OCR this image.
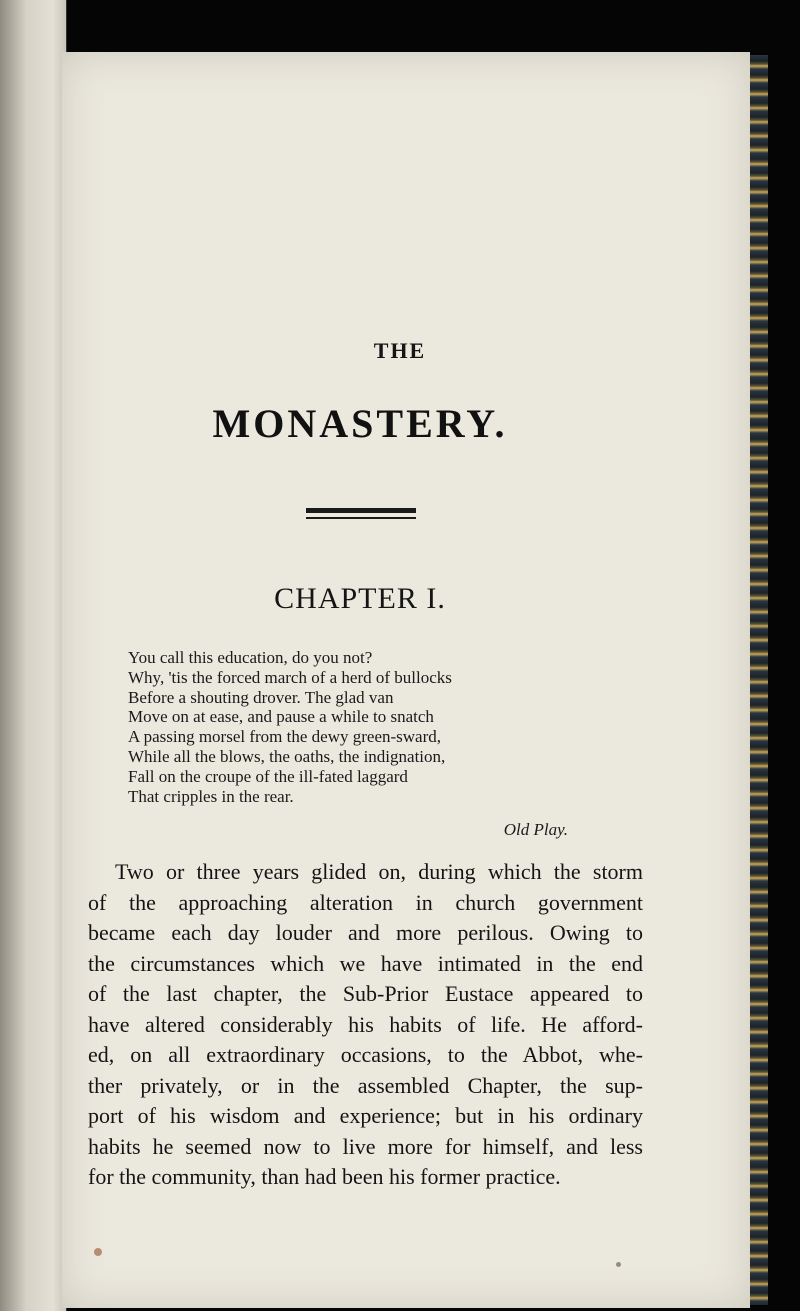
THE
MONASTERY.
CHAPTER I.
You call this education, do you not?
Why, 'tis the forced march of a herd of bullocks
Before a shouting drover. The glad van
Move on at ease, and pause a while to snatch
A passing morsel from the dewy green-sward,
While all the blows, the oaths, the indignation,
Fall on the croupe of the ill-fated laggard
That cripples in the rear.
Old Play.
Two or three years glided on, during which the storm
of the approaching alteration in church government
became each day louder and more perilous. Owing to
the circumstances which we have intimated in the end
of the last chapter, the Sub-Prior Eustace appeared to
have altered considerably his habits of life. He afford-
ed, on all extraordinary occasions, to the Abbot, whe-
ther privately, or in the assembled Chapter, the sup-
port of his wisdom and experience; but in his ordinary
habits he seemed now to live more for himself, and less
for the community, than had been his former practice.
